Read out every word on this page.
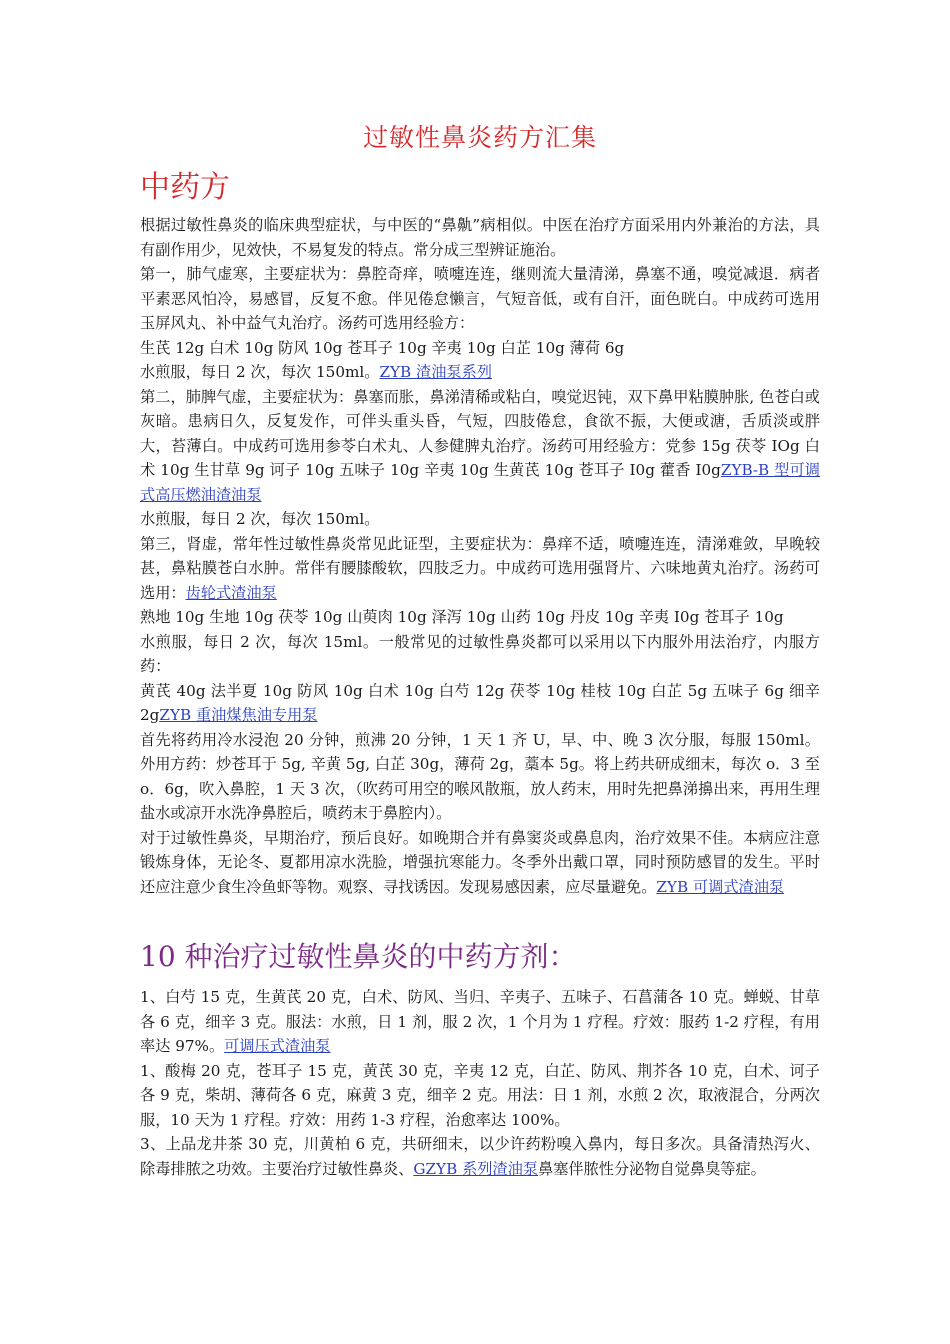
过敏性鼻炎药方汇集
中药方

根据过敏性鼻炎的临床典型症状，与中医的“鼻鼽”病相似。中医在治疗方面采用内外兼治的方法，具有副作用少，见效快，不易复发的特点。常分成三型辨证施治。

第一，肺气虚寒，主要症状为：鼻腔奇痒，喷嚏连连，继则流大量清涕，鼻塞不通，嗅觉减退．病者平素恶风怕冷，易感冒，反复不愈。伴见倦怠懒言，气短音低，或有自汗，面色晄白。中成药可选用玉屏风丸、补中益气丸治疗。汤药可选用经验方：

生芪 12g 白术 10g 防风 10g 苍耳子 10g 辛夷 10g 白芷 10g 薄荷 6g

水煎服，每日 2 次，每次 150ml。ZYB 渣油泵系列

第二，肺脾气虚，主要症状为：鼻塞而胀，鼻涕清稀或粘白，嗅觉迟钝，双下鼻甲粘膜肿胀, 色苍白或灰暗。患病日久，反复发作，可伴头重头昏，气短，四肢倦怠，食欲不振，大便或溏，舌质淡或胖大，苔薄白。中成药可选用参苓白术丸、人参健脾丸治疗。汤药可用经验方：党参 15g 茯苓 IOg 白术 10g 生甘草 9g 诃子 10g 五味子 10g 辛夷 10g 生黄芪 10g 苍耳子 I0g 藿香 I0gZYB-B 型可调式高压燃油渣油泵

水煎服，每日 2 次，每次 150ml。

第三，肾虚，常年性过敏性鼻炎常见此证型，主要症状为：鼻痒不适，喷嚏连连，清涕难敛，早晚较甚，鼻粘膜苍白水肿。常伴有腰膝酸软，四肢乏力。中成药可选用强肾片、六味地黄丸治疗。汤药可选用：齿轮式渣油泵

熟地 10g 生地 10g 茯苓 10g 山萸肉 10g 泽泻 10g 山药 10g 丹皮 10g 辛夷 I0g 苍耳子 10g

水煎服，每日 2 次，每次 15ml。一般常见的过敏性鼻炎都可以采用以下内服外用法治疗，内服方药：

黄芪 40g 法半夏 10g 防风 10g 白术 10g 白芍 12g 茯苓 10g 桂枝 10g 白芷 5g 五味子 6g 细辛 2gZYB 重油煤焦油专用泵

首先将药用冷水浸泡 20 分钟，煎沸 20 分钟，1 天 1 齐 U，早、中、晚 3 次分服，每服 150ml。外用方药：炒苍耳于 5g, 辛黄 5g, 白芷 30g，薄荷 2g，藁本 5g。将上药共研成细末，每次 o．3 至 o．6g，吹入鼻腔，1 天 3 次，（吹药可用空的喉风散瓶，放人药末，用时先把鼻涕擤出来，再用生理盐水或凉开水洗净鼻腔后，喷药末于鼻腔内）。

对于过敏性鼻炎，早期治疗，预后良好。如晚期合并有鼻窦炎或鼻息肉，治疗效果不佳。本病应注意锻炼身体，无论冬、夏都用凉水洗脸，增强抗寒能力。冬季外出戴口罩，同时预防感冒的发生。平时还应注意少食生冷鱼虾等物。观察、寻找诱因。发现易感因素，应尽量避免。ZYB 可调式渣油泵

10 种治疗过敏性鼻炎的中药方剂：

1、白芍 15 克，生黄芪 20 克，白术、防风、当归、辛夷子、五味子、石菖蒲各 10 克。蝉蜕、甘草各 6 克，细辛 3 克。服法：水煎，日 1 剂，服 2 次，1 个月为 1 疗程。疗效：服药 1-2 疗程，有用率达 97%。可调压式渣油泵

1、酸梅 20 克，苍耳子 15 克，黄芪 30 克，辛夷 12 克，白芷、防风、荆芥各 10 克，白术、诃子各 9 克，柴胡、薄荷各 6 克，麻黄 3 克，细辛 2 克。用法：日 1 剂，水煎 2 次，取液混合，分两次服，10 天为 1 疗程。疗效：用药 1-3 疗程，治愈率达 100%。

3、上品龙井茶 30 克，川黄柏 6 克，共研细末，以少许药粉嗅入鼻内，每日多次。具备清热泻火、除毒排脓之功效。主要治疗过敏性鼻炎、GZYB 系列渣油泵鼻塞伴脓性分泌物自觉鼻臭等症。
